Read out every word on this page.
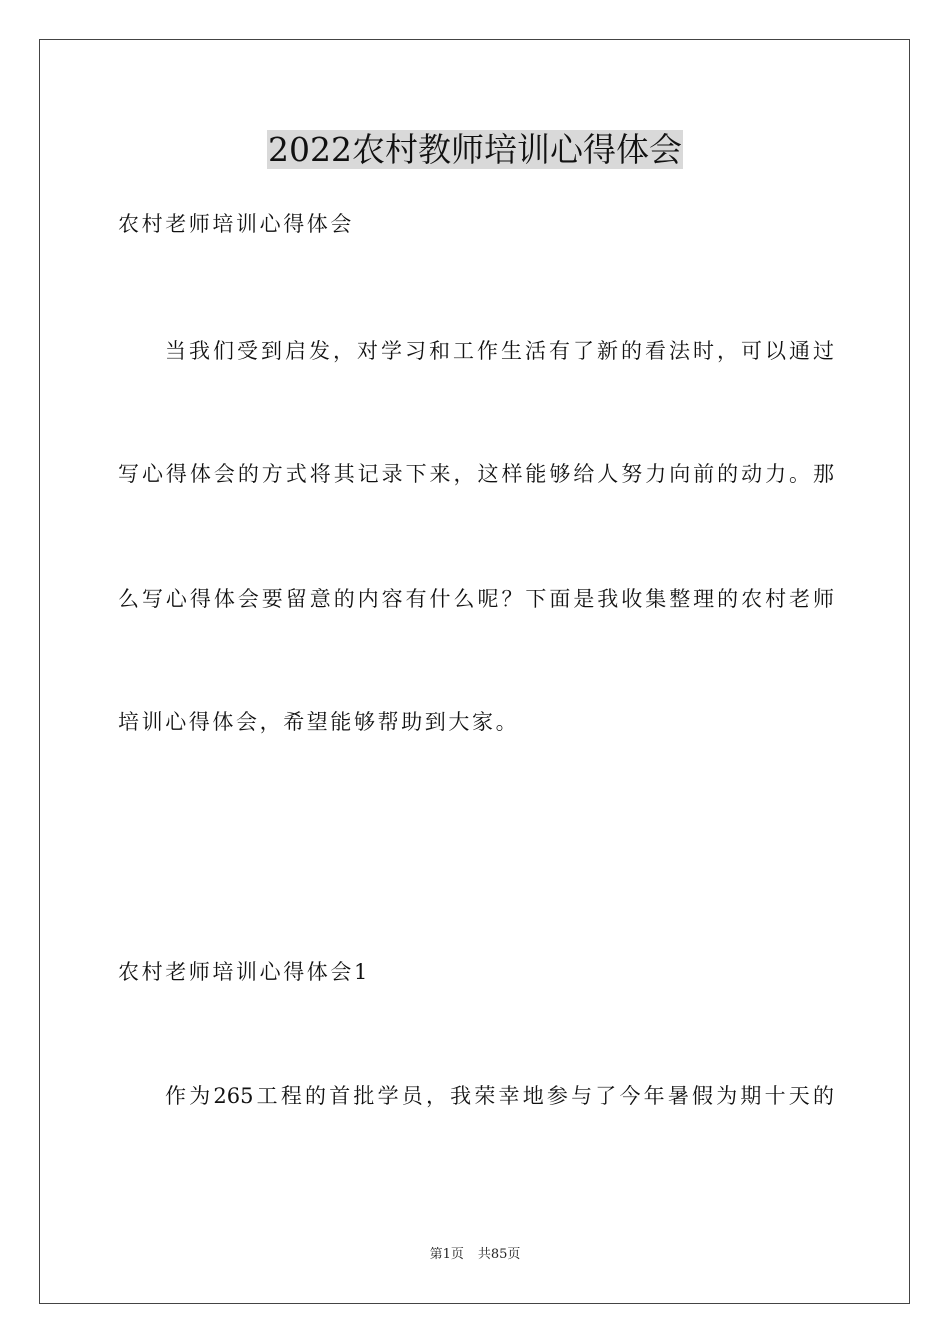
2022农村教师培训心得体会
农村老师培训心得体会
当我们受到启发，对学习和工作生活有了新的看法时，可以通过
写心得体会的方式将其记录下来，这样能够给人努力向前的动力。那
么写心得体会要留意的内容有什么呢？下面是我收集整理的农村老师
培训心得体会，希望能够帮助到大家。
农村老师培训心得体会1
作为265工程的首批学员，我荣幸地参与了今年暑假为期十天的
第1页 共85页
